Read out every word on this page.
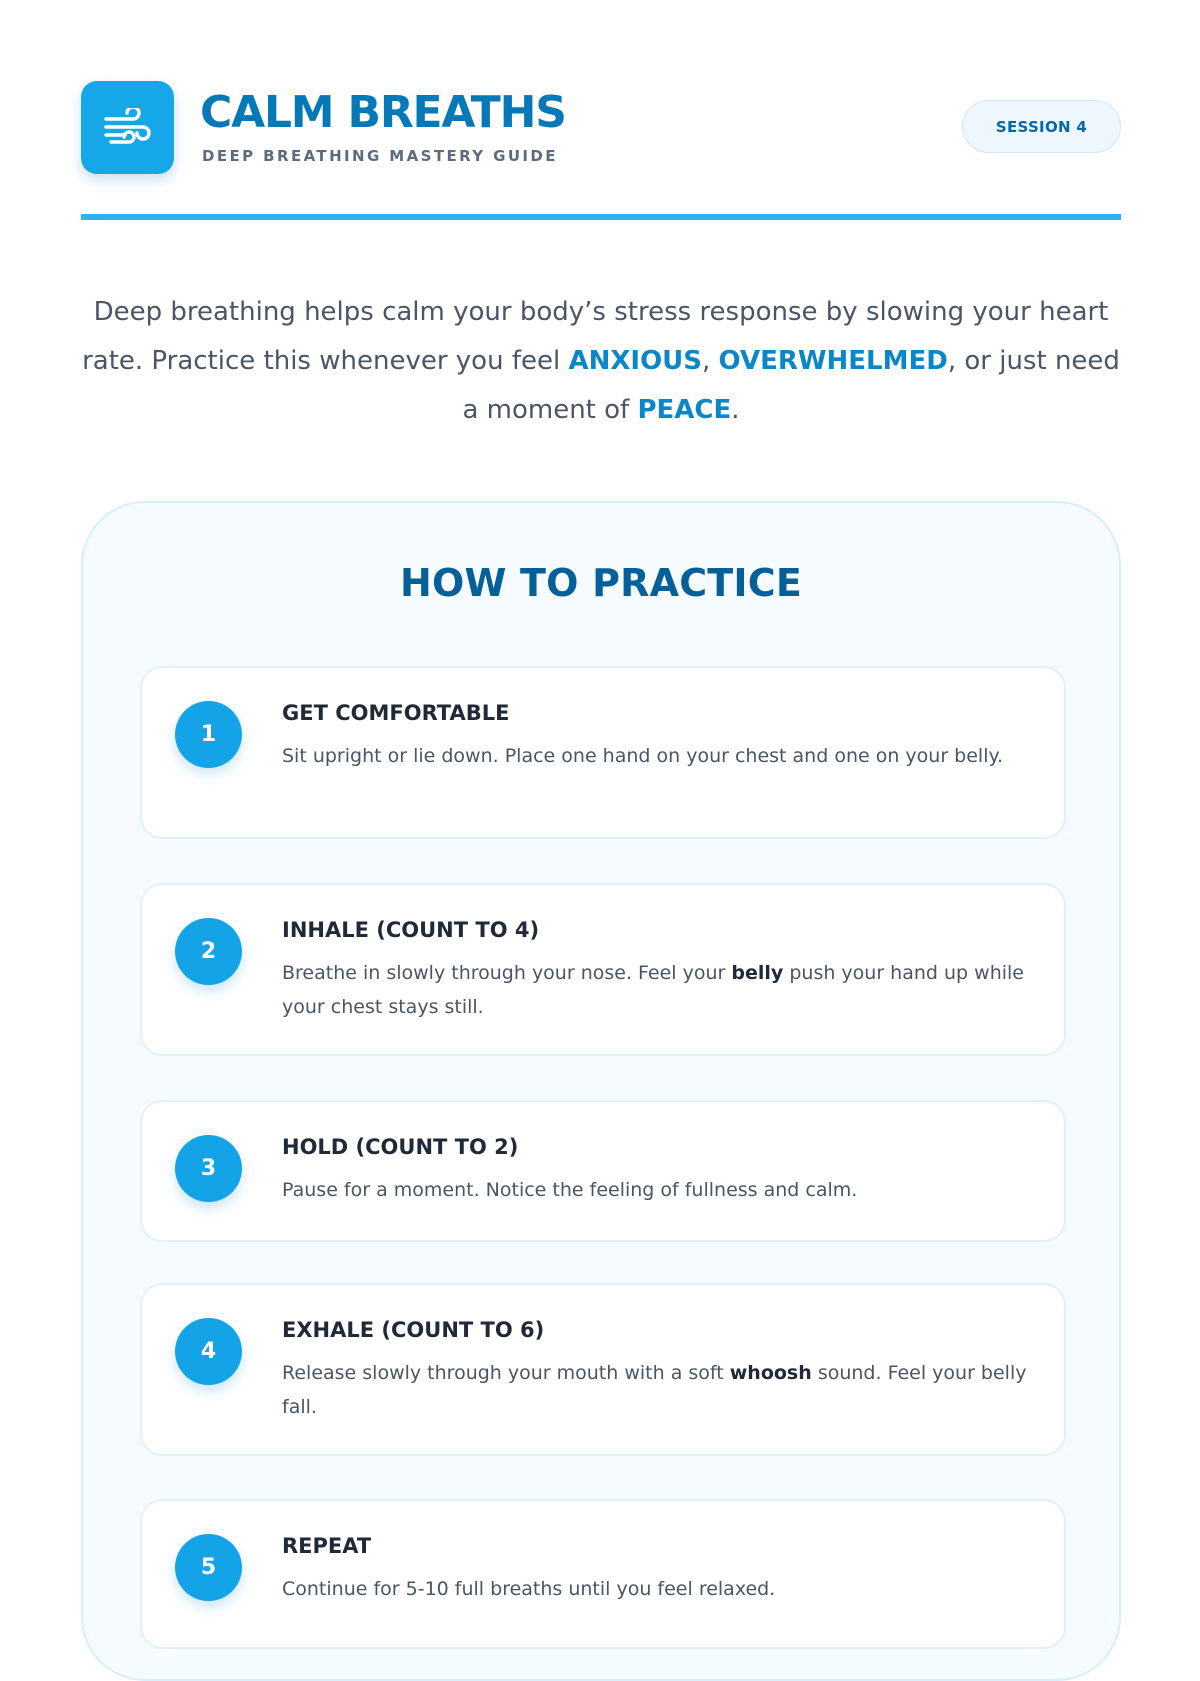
CALM BREATHS
DEEP BREATHING MASTERY GUIDE
SESSION 4

Deep breathing helps calm your body’s stress response by slowing your heart rate. Practice this whenever you feel ANXIOUS, OVERWHELMED, or just need a moment of PEACE.

HOW TO PRACTICE
1
GET COMFORTABLE

Sit upright or lie down. Place one hand on your chest and one on your belly.

2
INHALE (COUNT TO 4)

Breathe in slowly through your nose. Feel your belly push your hand up while your chest stays still.

3
HOLD (COUNT TO 2)

Pause for a moment. Notice the feeling of fullness and calm.

4
EXHALE (COUNT TO 6)

Release slowly through your mouth with a soft whoosh sound. Feel your belly fall.

5
REPEAT

Continue for 5-10 full breaths until you feel relaxed.
